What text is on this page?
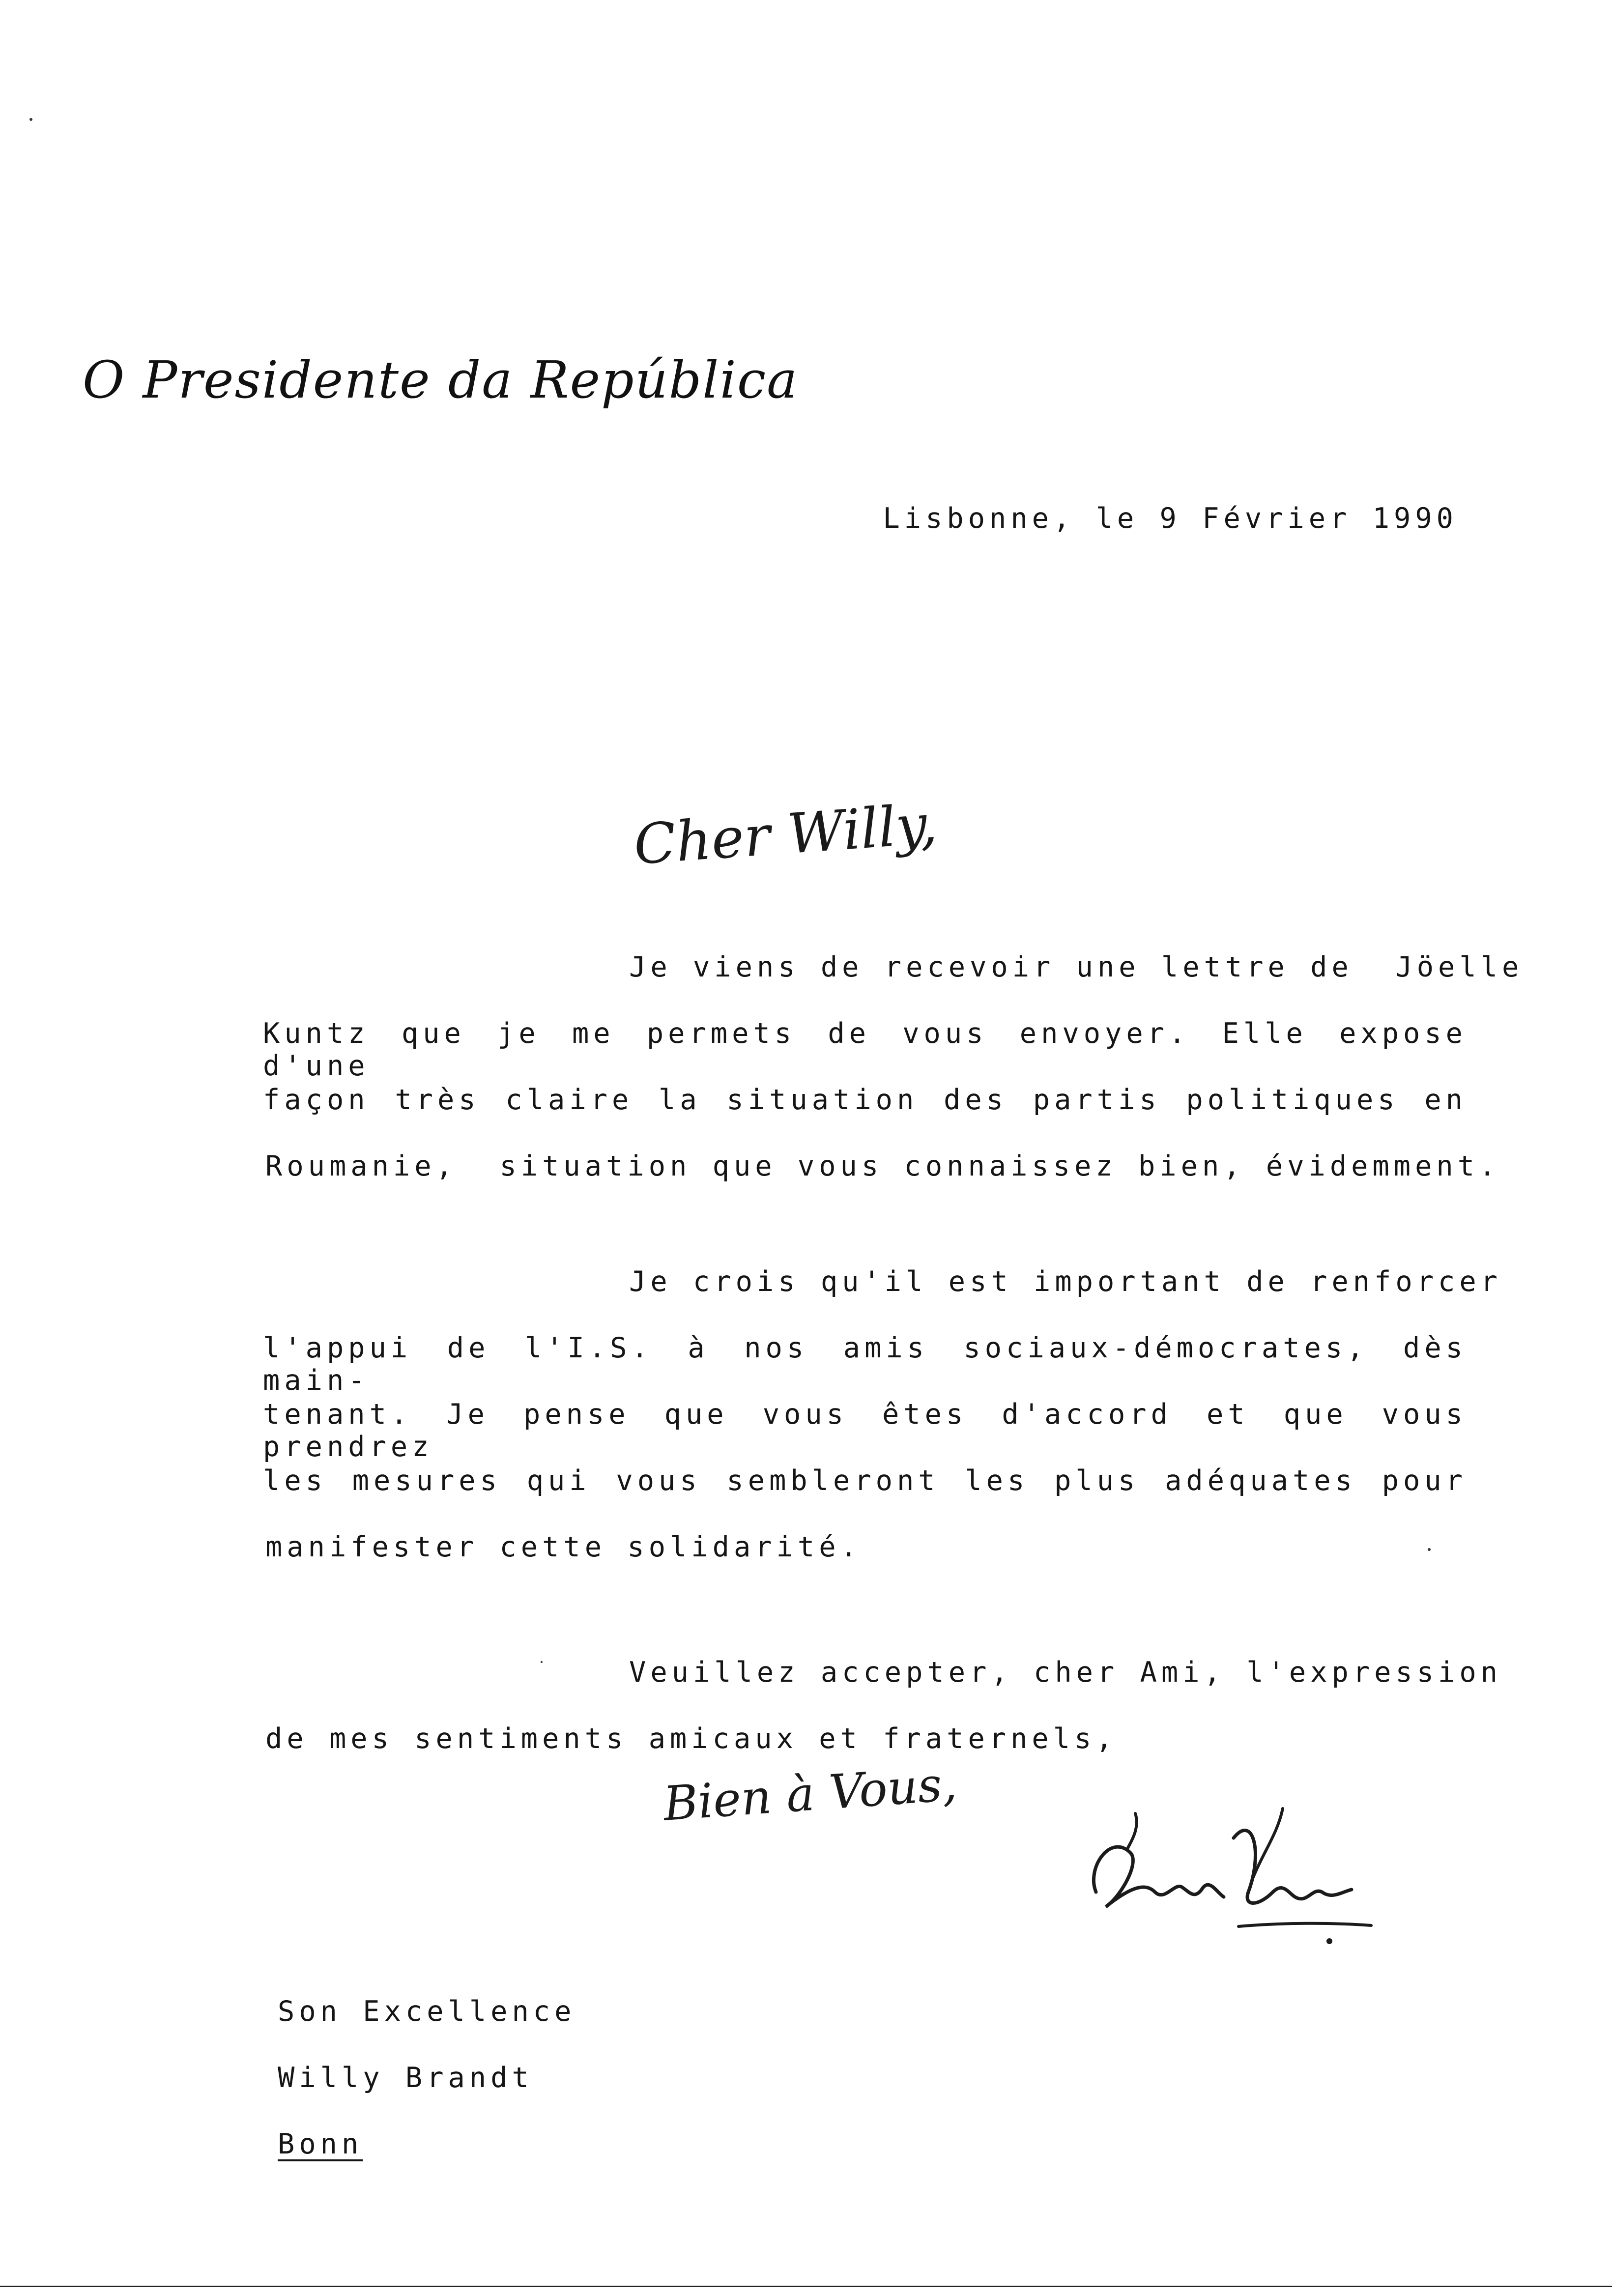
O Presidente da República
Lisbonne, le 9 Février 1990
Cher Willy,
Je viens de recevoir une lettre de  Jöelle
Kuntz que je me permets de vous envoyer. Elle expose d'une
façon très claire la situation des partis politiques en
Roumanie,  situation que vous connaissez bien, évidemment.
Je crois qu'il est important de renforcer
l'appui de l'I.S. à nos amis sociaux-démocrates, dès main-
tenant. Je pense que vous êtes d'accord et que vous prendrez
les mesures qui vous sembleront les plus adéquates pour
manifester cette solidarité.
Veuillez accepter, cher Ami, l'expression
de mes sentiments amicaux et fraternels,
Bien à Vous,
Son Excellence
Willy Brandt
Bonn
